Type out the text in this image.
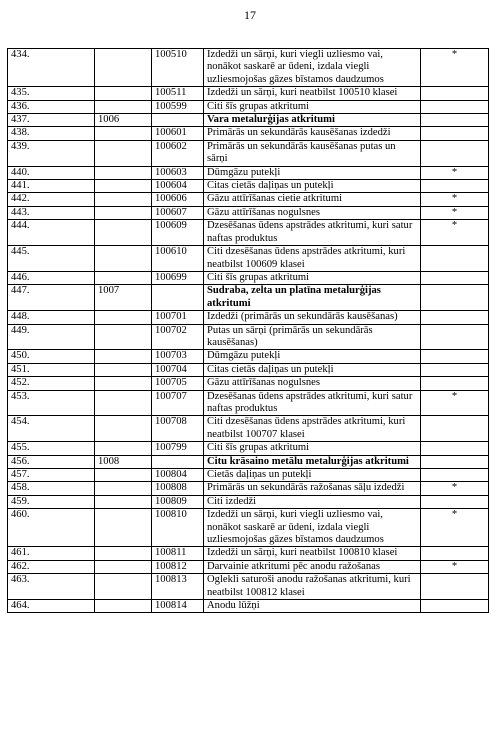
17
434.		100510	Izdedži un sārņi, kuri viegli uzliesmo vai, nonākot saskarē ar ūdeni, izdala viegli uzliesmojošas gāzes bīstamos daudzumos	*
435.		100511	Izdedži un sārņi, kuri neatbilst 100510 klasei	
436.		100599	Citi šīs grupas atkritumi	
437.	1006		Vara metalurģijas atkritumi	
438.		100601	Primārās un sekundārās kausēšanas izdedži	
439.		100602	Primārās un sekundārās kausēšanas putas un sārņi	
440.		100603	Dūmgāzu putekļi	*
441.		100604	Citas cietās daļiņas un putekļi	
442.		100606	Gāzu attīrīšanas cietie atkritumi	*
443.		100607	Gāzu attīrīšanas nogulsnes	*
444.		100609	Dzesēšanas ūdens apstrādes atkritumi, kuri satur naftas produktus	*
445.		100610	Citi dzesēšanas ūdens apstrādes atkritumi, kuri neatbilst 100609 klasei	
446.		100699	Citi šīs grupas atkritumi	
447.	1007		Sudraba, zelta un platīna metalurģijas atkritumi	
448.		100701	Izdedži (primārās un sekundārās kausēšanas)	
449.		100702	Putas un sārņi (primārās un sekundārās kausēšanas)	
450.		100703	Dūmgāzu putekļi	
451.		100704	Citas cietās daļiņas un putekļi	
452.		100705	Gāzu attīrīšanas nogulsnes	
453.		100707	Dzesēšanas ūdens apstrādes atkritumi, kuri satur naftas produktus	*
454.		100708	Citi dzesēšanas ūdens apstrādes atkritumi, kuri neatbilst 100707 klasei	
455.		100799	Citi šīs grupas atkritumi	
456.	1008		Citu krāsaino metālu metalurģijas atkritumi	
457.		100804	Cietās daļiņas un putekļi	
458.		100808	Primārās un sekundārās ražošanas sāļu izdedži	*
459.		100809	Citi izdedži	
460.		100810	Izdedži un sārņi, kuri viegli uzliesmo vai, nonākot saskarē ar ūdeni, izdala viegli uzliesmojošas gāzes bīstamos daudzumos	*
461.		100811	Izdedži un sārņi, kuri neatbilst 100810 klasei	
462.		100812	Darvainie atkritumi pēc anodu ražošanas	*
463.		100813	Oglekli saturoši anodu ražošanas atkritumi, kuri neatbilst 100812 klasei	
464.		100814	Anodu lūžņi	
